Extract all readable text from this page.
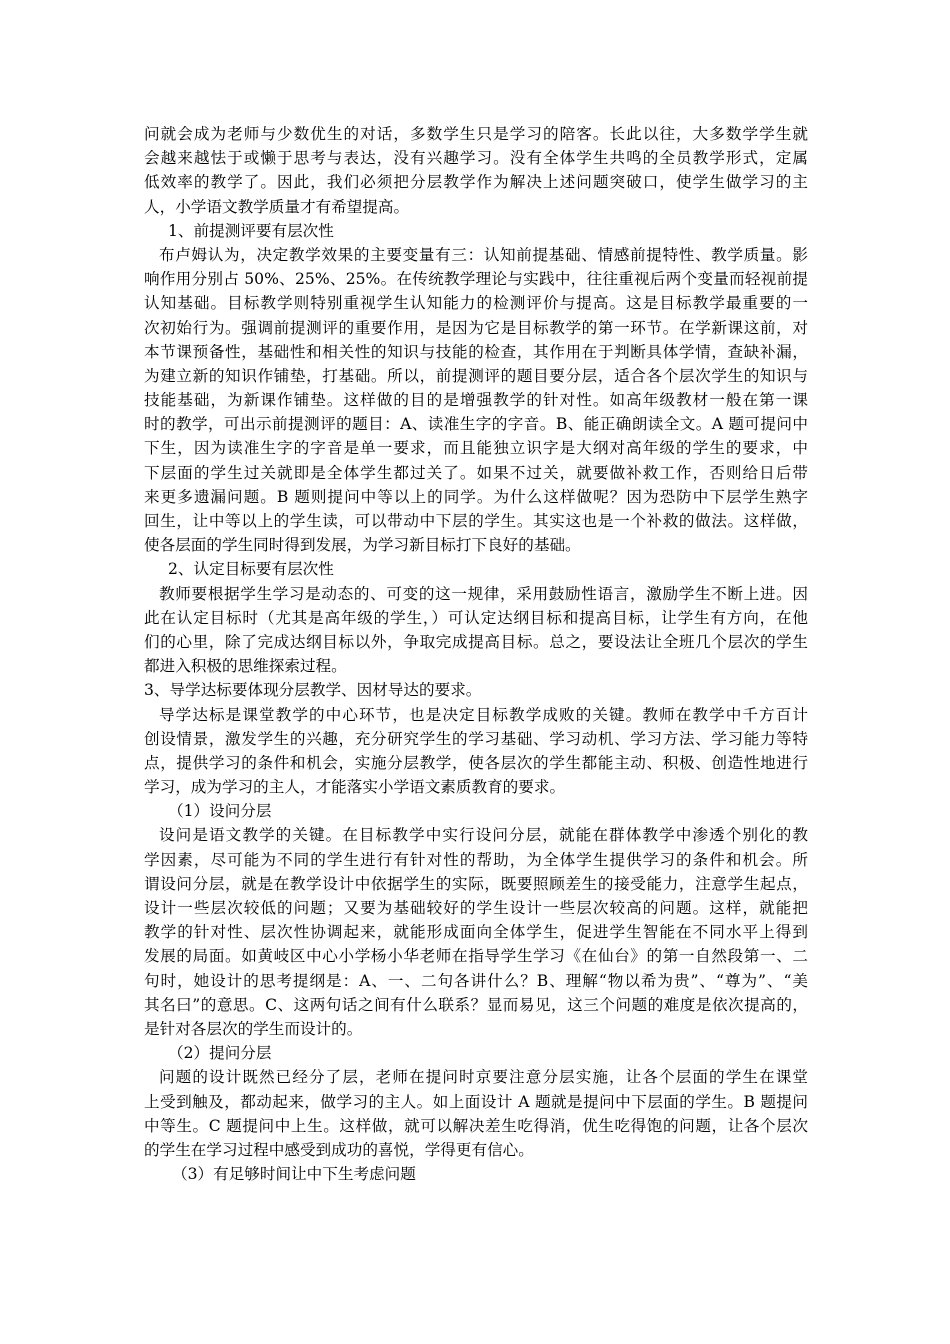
问就会成为老师与少数优生的对话，多数学生只是学习的陪客。长此以往，大多数学学生就
会越来越怯于或懒于思考与表达，没有兴趣学习。没有全体学生共鸣的全员教学形式，定属
低效率的教学了。因此，我们必须把分层教学作为解决上述问题突破口，使学生做学习的主
人，小学语文教学质量才有希望提高。
1、前提测评要有层次性
布卢姆认为，决定教学效果的主要变量有三：认知前提基础、情感前提特性、教学质量。影
响作用分别占 50%、25%、25%。在传统教学理论与实践中，往往重视后两个变量而轻视前提
认知基础。目标教学则特别重视学生认知能力的检测评价与提高。这是目标教学最重要的一
次初始行为。强调前提测评的重要作用，是因为它是目标教学的第一环节。在学新课这前，对
本节课预备性，基础性和相关性的知识与技能的检查，其作用在于判断具体学情，查缺补漏，
为建立新的知识作铺垫，打基础。所以，前提测评的题目要分层，适合各个层次学生的知识与
技能基础，为新课作铺垫。这样做的目的是增强教学的针对性。如高年级教材一般在第一课
时的教学，可出示前提测评的题目：A、读准生字的字音。B、能正确朗读全文。A 题可提问中
下生，因为读准生字的字音是单一要求，而且能独立识字是大纲对高年级的学生的要求，中
下层面的学生过关就即是全体学生都过关了。如果不过关，就要做补救工作，否则给日后带
来更多遗漏问题。B 题则提问中等以上的同学。为什么这样做呢？因为恐防中下层学生熟字
回生，让中等以上的学生读，可以带动中下层的学生。其实这也是一个补救的做法。这样做，
使各层面的学生同时得到发展，为学习新目标打下良好的基础。
2、认定目标要有层次性
教师要根据学生学习是动态的、可变的这一规律，采用鼓励性语言，激励学生不断上进。因
此在认定目标时（尤其是高年级的学生，）可认定达纲目标和提高目标，让学生有方向，在他
们的心里，除了完成达纲目标以外，争取完成提高目标。总之，要设法让全班几个层次的学生
都进入积极的思维探索过程。
3、导学达标要体现分层教学、因材导达的要求。
导学达标是课堂教学的中心环节，也是决定目标教学成败的关键。教师在教学中千方百计
创设情景，激发学生的兴趣，充分研究学生的学习基础、学习动机、学习方法、学习能力等特
点，提供学习的条件和机会，实施分层教学，使各层次的学生都能主动、积极、创造性地进行
学习，成为学习的主人，才能落实小学语文素质教育的要求。
（1）设问分层
设问是语文教学的关键。在目标教学中实行设问分层，就能在群体教学中渗透个别化的教
学因素，尽可能为不同的学生进行有针对性的帮助，为全体学生提供学习的条件和机会。所
谓设问分层，就是在教学设计中依据学生的实际，既要照顾差生的接受能力，注意学生起点，
设计一些层次较低的问题；又要为基础较好的学生设计一些层次较高的问题。这样，就能把
教学的针对性、层次性协调起来，就能形成面向全体学生，促进学生智能在不同水平上得到
发展的局面。如黄岐区中心小学杨小华老师在指导学生学习《在仙台》的第一自然段第一、二
句时，她设计的思考提纲是：A、一、二句各讲什么？B、理解“物以希为贵”、“尊为”、“美
其名曰”的意思。C、这两句话之间有什么联系？显而易见，这三个问题的难度是依次提高的，
是针对各层次的学生而设计的。
（2）提问分层
问题的设计既然已经分了层，老师在提问时京要注意分层实施，让各个层面的学生在课堂
上受到触及，都动起来，做学习的主人。如上面设计 A 题就是提问中下层面的学生。B 题提问
中等生。C 题提问中上生。这样做，就可以解决差生吃得消，优生吃得饱的问题，让各个层次
的学生在学习过程中感受到成功的喜悦，学得更有信心。
（3）有足够时间让中下生考虑问题
